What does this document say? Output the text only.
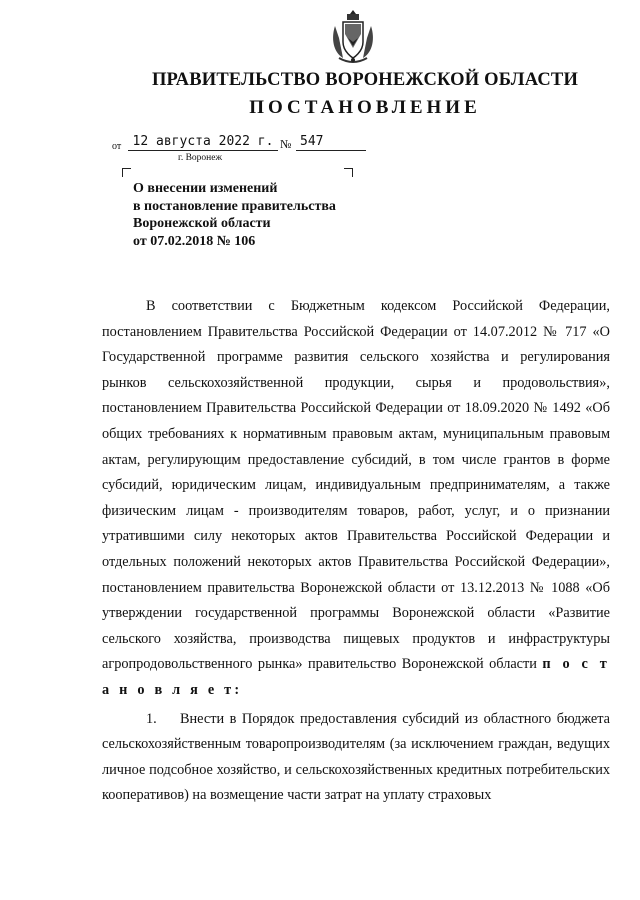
ПРАВИТЕЛЬСТВО ВОРОНЕЖСКОЙ ОБЛАСТИ
ПОСТАНОВЛЕНИЕ
от 12 августа 2022 г. № 547
г. Воронеж
О внесении изменений
в постановление правительства
Воронежской области
от 07.02.2018 № 106

В соответствии с Бюджетным кодексом Российской Федерации, постановлением Правительства Российской Федерации от 14.07.2012 № 717 «О Государственной программе развития сельского хозяйства и регулирования рынков сельскохозяйственной продукции, сырья и продовольствия», постановлением Правительства Российской Федерации от 18.09.2020 № 1492 «Об общих требованиях к нормативным правовым актам, муниципальным правовым актам, регулирующим предоставление субсидий, в том числе грантов в форме субсидий, юридическим лицам, индивидуальным предпринимателям, а также физическим лицам - производителям товаров, работ, услуг, и о признании утратившими силу некоторых актов Правительства Российской Федерации и отдельных положений некоторых актов Правительства Российской Федерации», постановлением правительства Воронежской области от 13.12.2013 № 1088 «Об утверждении государственной программы Воронежской области «Развитие сельского хозяйства, производства пищевых продуктов и инфраструктуры агропродовольственного рынка» правительство Воронежской области п о с т а н о в л я е т:

1. Внести в Порядок предоставления субсидий из областного бюджета сельскохозяйственным товаропроизводителям (за исключением граждан, ведущих личное подсобное хозяйство, и сельскохозяйственных кредитных потребительских кооперативов) на возмещение части затрат на уплату страховых
